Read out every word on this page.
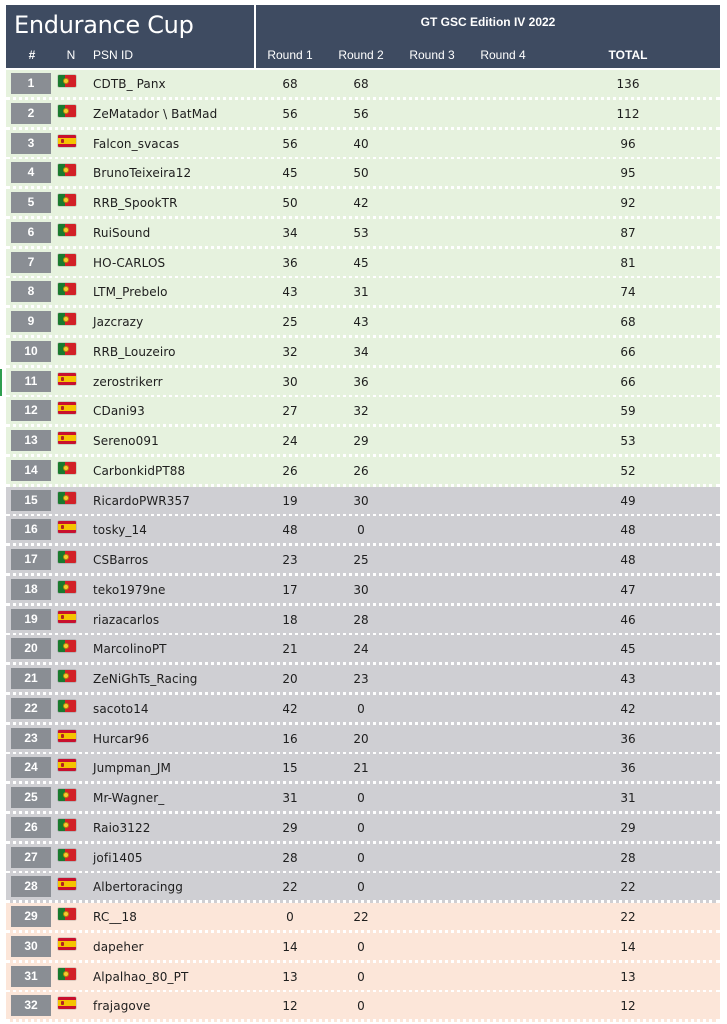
Endurance Cup	GT GSC Edition IV 2022
#	N PSN ID	Round 1 Round 2 Round 3 Round 4	TOTAL
1	CDTB_ Panx	68	68	136
2	ZeMatador \ BatMad	56	56	112
3	Falcon_svacas	56	40	96
4	BrunoTeixeira12	45	50	95
5	RRB_SpookTR	50	42	92
6	RuiSound	34	53	87
7	HO-CARLOS	36	45	81
8	LTM_Prebelo	43	31	74
9	Jazcrazy	25	43	68
10	RRB_Louzeiro	32	34	66
11	zerostrikerr	30	36	66
12	CDani93	27	32	59
13	Sereno091	24	29	53
14	CarbonkidPT88	26	26	52
15	RicardoPWR357	19	30	49
16	tosky_14	48	0	48
17	CSBarros	23	25	48
18	teko1979ne	17	30	47
19	riazacarlos	18	28	46
20	MarcolinoPT	21	24	45
21	ZeNiGhTs_Racing	20	23	43
22	sacoto14	42	0	42
23	Hurcar96	16	20	36
24	Jumpman_JM	15	21	36
25	Mr-Wagner_	31	0	31
26	Raio3122	29	0	29
27	jofi1405	28	0	28
28	Albertoracingg	22	0	22
29	RC__18	0	22	22
30	dapeher	14	0	14
31	Alpalhao_80_PT	13	0	13
32	frajagove	12	0	12
